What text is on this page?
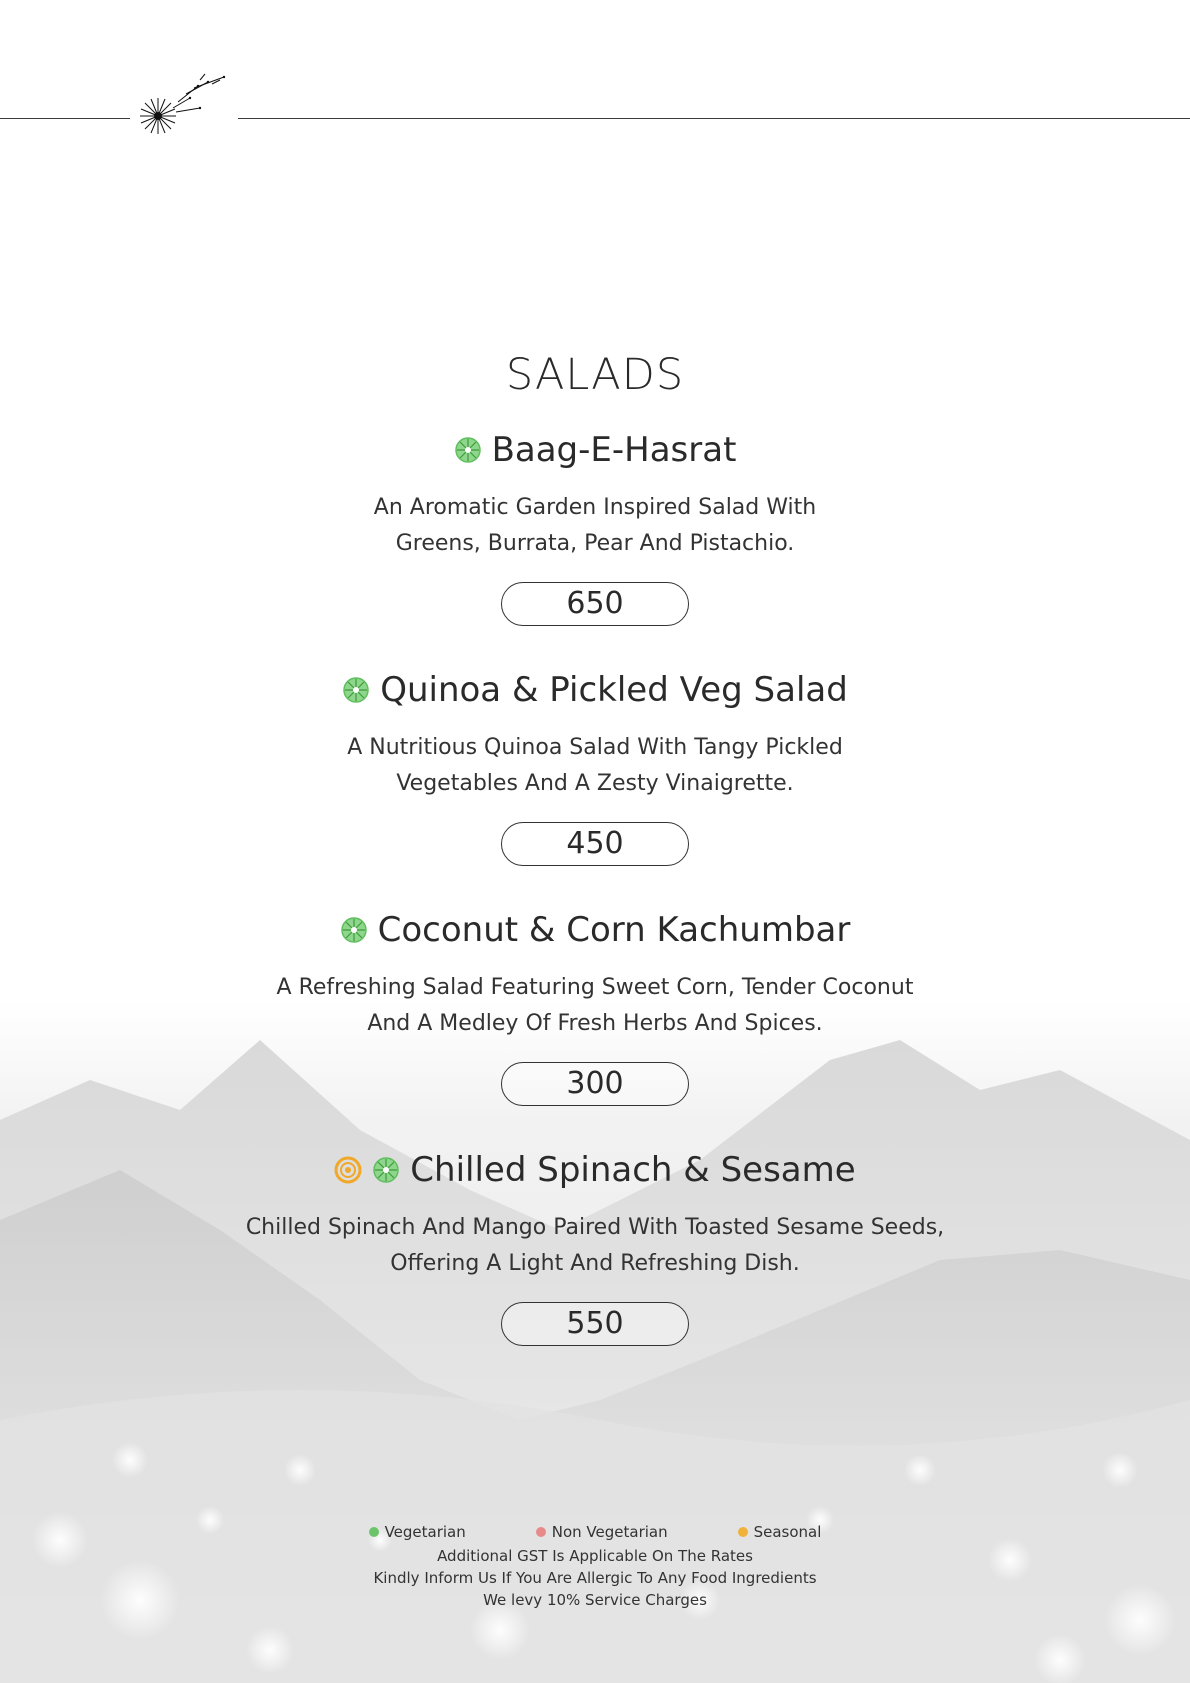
SALADS
Baag-E-Hasrat
An Aromatic Garden Inspired Salad With
Greens, Burrata, Pear And Pistachio.
650
Quinoa & Pickled Veg Salad
A Nutritious Quinoa Salad With Tangy Pickled
Vegetables And A Zesty Vinaigrette.
450
Coconut & Corn Kachumbar
A Refreshing Salad Featuring Sweet Corn, Tender Coconut
And A Medley Of Fresh Herbs And Spices.
300
Chilled Spinach & Sesame
Chilled Spinach And Mango Paired With Toasted Sesame Seeds,
Offering A Light And Refreshing Dish.
550
Vegetarian	Non Vegetarian	Seasonal
Additional GST Is Applicable On The Rates
Kindly Inform Us If You Are Allergic To Any Food Ingredients
We levy 10% Service Charges
